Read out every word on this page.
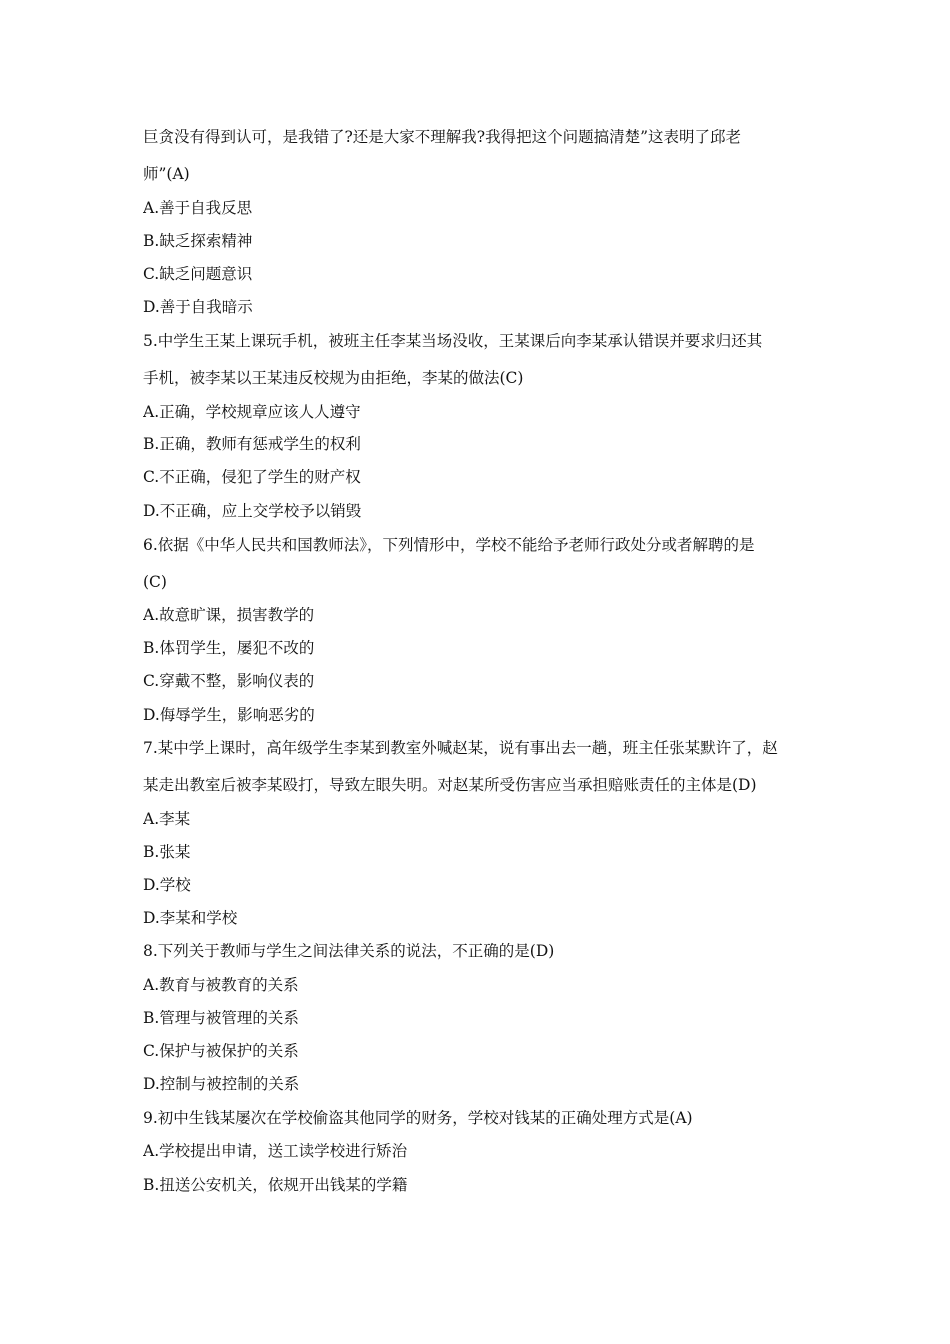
巨贪没有得到认可，是我错了?还是大家不理解我?我得把这个问题搞清楚”这表明了邱老
师”(A)
A.善于自我反思
B.缺乏探索精神
C.缺乏问题意识
D.善于自我暗示
5.中学生王某上课玩手机，被班主任李某当场没收，王某课后向李某承认错误并要求归还其
手机，被李某以王某违反校规为由拒绝，李某的做法(C)
A.正确，学校规章应该人人遵守
B.正确，教师有惩戒学生的权利
C.不正确，侵犯了学生的财产权
D.不正确，应上交学校予以销毁
6.依据《中华人民共和国教师法》，下列情形中，学校不能给予老师行政处分或者解聘的是
(C)
A.故意旷课，损害教学的
B.体罚学生，屡犯不改的
C.穿戴不整，影响仪表的
D.侮辱学生，影响恶劣的
7.某中学上课时，高年级学生李某到教室外喊赵某，说有事出去一趟，班主任张某默许了，赵
某走出教室后被李某殴打，导致左眼失明。对赵某所受伤害应当承担赔账责任的主体是(D)
A.李某
B.张某
D.学校
D.李某和学校
8.下列关于教师与学生之间法律关系的说法，不正确的是(D)
A.教育与被教育的关系
B.管理与被管理的关系
C.保护与被保护的关系
D.控制与被控制的关系
9.初中生钱某屡次在学校偷盗其他同学的财务，学校对钱某的正确处理方式是(A)
A.学校提出申请，送工读学校进行矫治
B.扭送公安机关，依规开出钱某的学籍
